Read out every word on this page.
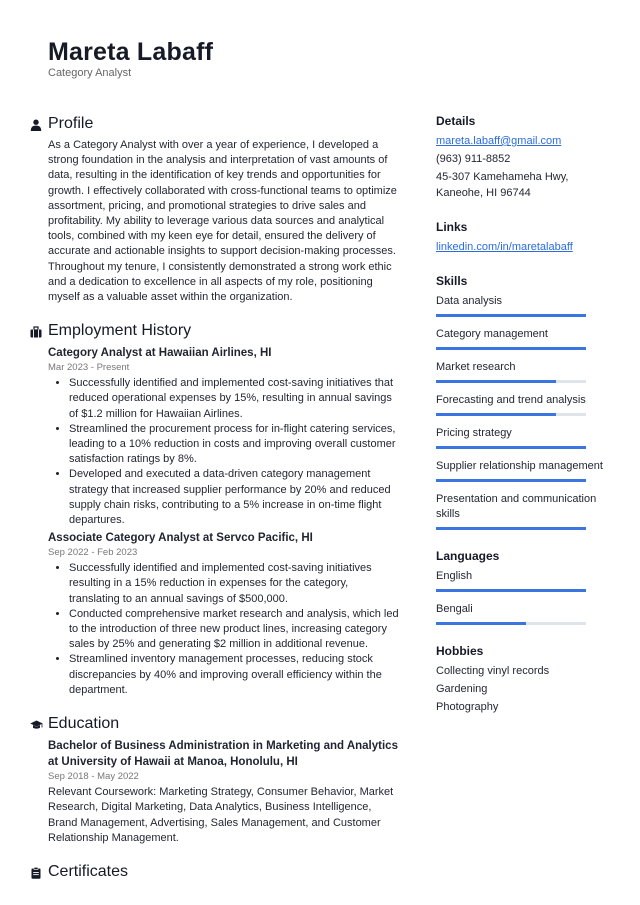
Mareta Labaff
Category Analyst
Profile

As a Category Analyst with over a year of experience, I developed a strong foundation in the analysis and interpretation of vast amounts of data, resulting in the identification of key trends and opportunities for growth. I effectively collaborated with cross-functional teams to optimize assortment, pricing, and promotional strategies to drive sales and profitability. My ability to leverage various data sources and analytical tools, combined with my keen eye for detail, ensured the delivery of accurate and actionable insights to support decision-making processes. Throughout my tenure, I consistently demonstrated a strong work ethic and a dedication to excellence in all aspects of my role, positioning myself as a valuable asset within the organization.

Employment History
Category Analyst at Hawaiian Airlines, HI
Mar 2023 - Present
• Successfully identified and implemented cost-saving initiatives that reduced operational expenses by 15%, resulting in annual savings of $1.2 million for Hawaiian Airlines.
• Streamlined the procurement process for in-flight catering services, leading to a 10% reduction in costs and improving overall customer satisfaction ratings by 8%.
• Developed and executed a data-driven category management strategy that increased supplier performance by 20% and reduced supply chain risks, contributing to a 5% increase in on-time flight departures.
Associate Category Analyst at Servco Pacific, HI
Sep 2022 - Feb 2023
• Successfully identified and implemented cost-saving initiatives resulting in a 15% reduction in expenses for the category, translating to an annual savings of $500,000.
• Conducted comprehensive market research and analysis, which led to the introduction of three new product lines, increasing category sales by 25% and generating $2 million in additional revenue.
• Streamlined inventory management processes, reducing stock discrepancies by 40% and improving overall efficiency within the department.
Education
Bachelor of Business Administration in Marketing and Analytics at University of Hawaii at Manoa, Honolulu, HI
Sep 2018 - May 2022

Relevant Coursework: Marketing Strategy, Consumer Behavior, Market Research, Digital Marketing, Data Analytics, Business Intelligence, Brand Management, Advertising, Sales Management, and Customer Relationship Management.

Certificates
Details
mareta.labaff@gmail.com
(963) 911-8852
45-307 Kamehameha Hwy,
Kaneohe, HI 96744
Links
linkedin.com/in/maretalabaff
Skills
Data analysis
Category management
Market research
Forecasting and trend analysis
Pricing strategy
Supplier relationship management
Presentation and communication skills
Languages
English
Bengali
Hobbies
Collecting vinyl records
Gardening
Photography
